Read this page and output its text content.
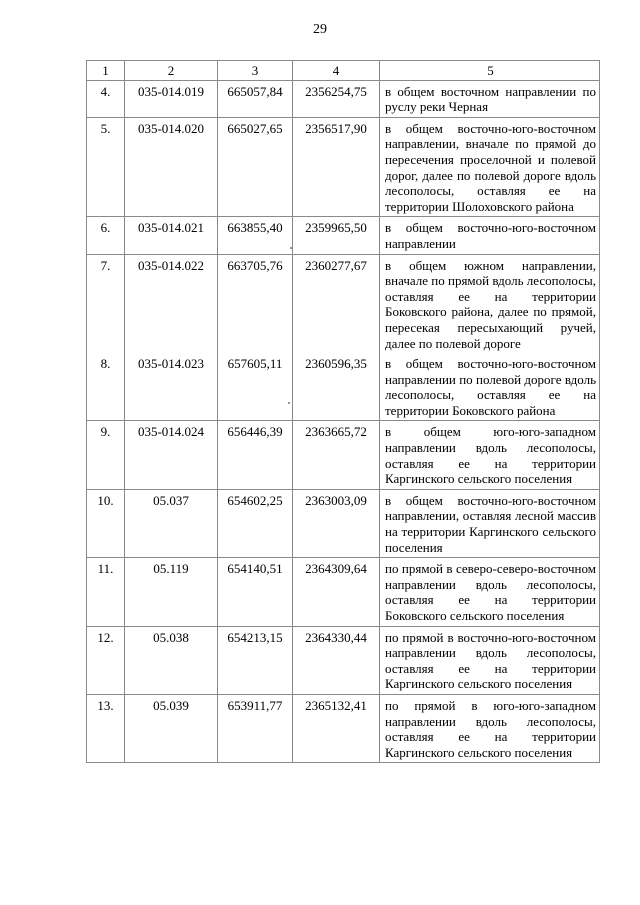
29
1	2	3	4	5
4.	035-014.019	665057,84	2356254,75	в общем восточном направлении по руслу реки Черная
5.	035-014.020	665027,65	2356517,90	в общем восточно-юго-восточном направлении, вначале по прямой до пересечения проселочной и полевой дорог, далее по полевой дороге вдоль лесополосы, оставляя ее на территории Шолоховского района
6.	035-014.021	663855,40	2359965,50	в общем восточно-юго-восточном направлении
7.	035-014.022	663705,76	2360277,67	в общем южном направлении, вначале по прямой вдоль лесополосы, оставляя ее на территории Боковского района, далее по прямой, пересекая пересыхающий ручей, далее по полевой дороге
8.	035-014.023	657605,11	2360596,35	в общем восточно-юго-восточном направлении по полевой дороге вдоль лесополосы, оставляя ее на территории Боковского района
9.	035-014.024	656446,39	2363665,72	в общем юго-юго-западном направлении вдоль лесополосы, оставляя ее на территории Каргинского сельского поселения
10.	05.037	654602,25	2363003,09	в общем восточно-юго-восточном направлении, оставляя лесной массив на территории Каргинского сельского поселения
11.	05.119	654140,51	2364309,64	по прямой в северо-северо-восточном направлении вдоль лесополосы, оставляя ее на территории Боковского сельского поселения
12.	05.038	654213,15	2364330,44	по прямой в восточно-юго-восточном направлении вдоль лесополосы, оставляя ее на территории Каргинского сельского поселения
13.	05.039	653911,77	2365132,41	по прямой в юго-юго-западном направлении вдоль лесополосы, оставляя ее на территории Каргинского сельского поселения
